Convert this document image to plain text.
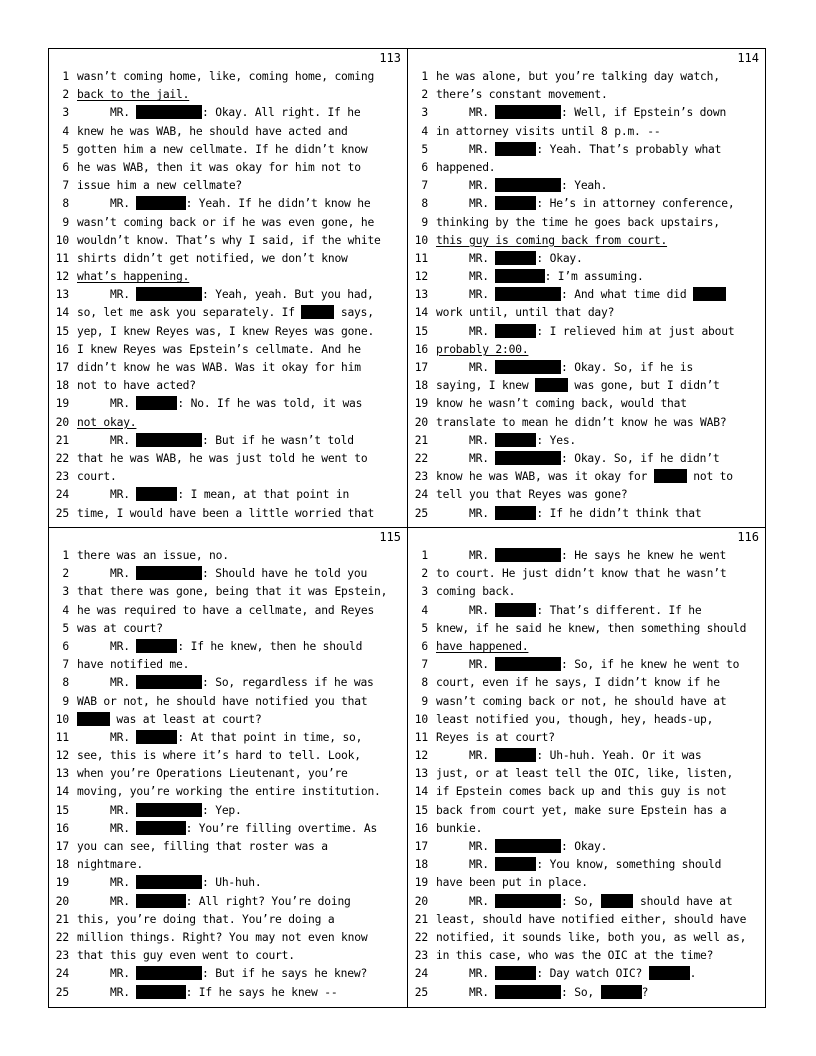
113
1 wasn’t coming home, like, coming home, coming
2 back to the jail.
3     MR.	: Okay. All right. If he
4 knew he was WAB, he should have acted and
5 gotten him a new cellmate. If he didn’t know
6 he was WAB, then it was okay for him not to
7 issue him a new cellmate?
8     MR.	: Yeah. If he didn’t know he
9 wasn’t coming back or if he was even gone, he
10 wouldn’t know. That’s why I said, if the white
11 shirts didn’t get notified, we don’t know
12 what’s happening.
13     MR.	: Yeah, yeah. But you had,
14 so, let me ask you separately. If	says,
15 yep, I knew Reyes was, I knew Reyes was gone.
16 I knew Reyes was Epstein’s cellmate. And he
17 didn’t know he was WAB. Was it okay for him
18 not to have acted?
19     MR.	: No. If he was told, it was
20 not okay.
21     MR.	: But if he wasn’t told
22 that he was WAB, he was just told he went to
23 court.
24     MR.	: I mean, at that point in
25 time, I would have been a little worried that
114
1 he was alone, but you’re talking day watch,
2 there’s constant movement.
3     MR.	: Well, if Epstein’s down
4 in attorney visits until 8 p.m. --
5     MR.	: Yeah. That’s probably what
6 happened.
7     MR.	: Yeah.
8     MR.	: He’s in attorney conference,
9 thinking by the time he goes back upstairs,
10 this guy is coming back from court.
11     MR.	: Okay.
12     MR.	: I’m assuming.
13     MR.	: And what time did
14 work until, until that day?
15     MR.	: I relieved him at just about
16 probably 2:00.
17     MR.	: Okay. So, if he is
18 saying, I knew	was gone, but I didn’t
19 know he wasn’t coming back, would that
20 translate to mean he didn’t know he was WAB?
21     MR.	: Yes.
22     MR.	: Okay. So, if he didn’t
23 know he was WAB, was it okay for	not to
24 tell you that Reyes was gone?
25     MR.	: If he didn’t think that
115
1 there was an issue, no.
2     MR.	: Should have he told you
3 that there was gone, being that it was Epstein,
4 he was required to have a cellmate, and Reyes
5 was at court?
6     MR.	: If he knew, then he should
7 have notified me.
8     MR.	: So, regardless if he was
9 WAB or not, he should have notified you that
10	was at least at court?
11     MR.	: At that point in time, so,
12 see, this is where it’s hard to tell. Look,
13 when you’re Operations Lieutenant, you’re
14 moving, you’re working the entire institution.
15     MR.	: Yep.
16     MR.	: You’re filling overtime. As
17 you can see, filling that roster was a
18 nightmare.
19     MR.	: Uh-huh.
20     MR.	: All right? You’re doing
21 this, you’re doing that. You’re doing a
22 million things. Right? You may not even know
23 that this guy even went to court.
24     MR.	: But if he says he knew?
25     MR.	: If he says he knew --
116
1     MR.	: He says he knew he went
2 to court. He just didn’t know that he wasn’t
3 coming back.
4     MR.	: That’s different. If he
5 knew, if he said he knew, then something should
6 have happened.
7     MR.	: So, if he knew he went to
8 court, even if he says, I didn’t know if he
9 wasn’t coming back or not, he should have at
10 least notified you, though, hey, heads-up,
11 Reyes is at court?
12     MR.	: Uh-huh. Yeah. Or it was
13 just, or at least tell the OIC, like, listen,
14 if Epstein comes back up and this guy is not
15 back from court yet, make sure Epstein has a
16 bunkie.
17     MR.	: Okay.
18     MR.	: You know, something should
19 have been put in place.
20     MR.	: So,	should have at
21 least, should have notified either, should have
22 notified, it sounds like, both you, as well as,
23 in this case, who was the OIC at the time?
24     MR.	: Day watch OIC?	.
25     MR.	: So,	?
